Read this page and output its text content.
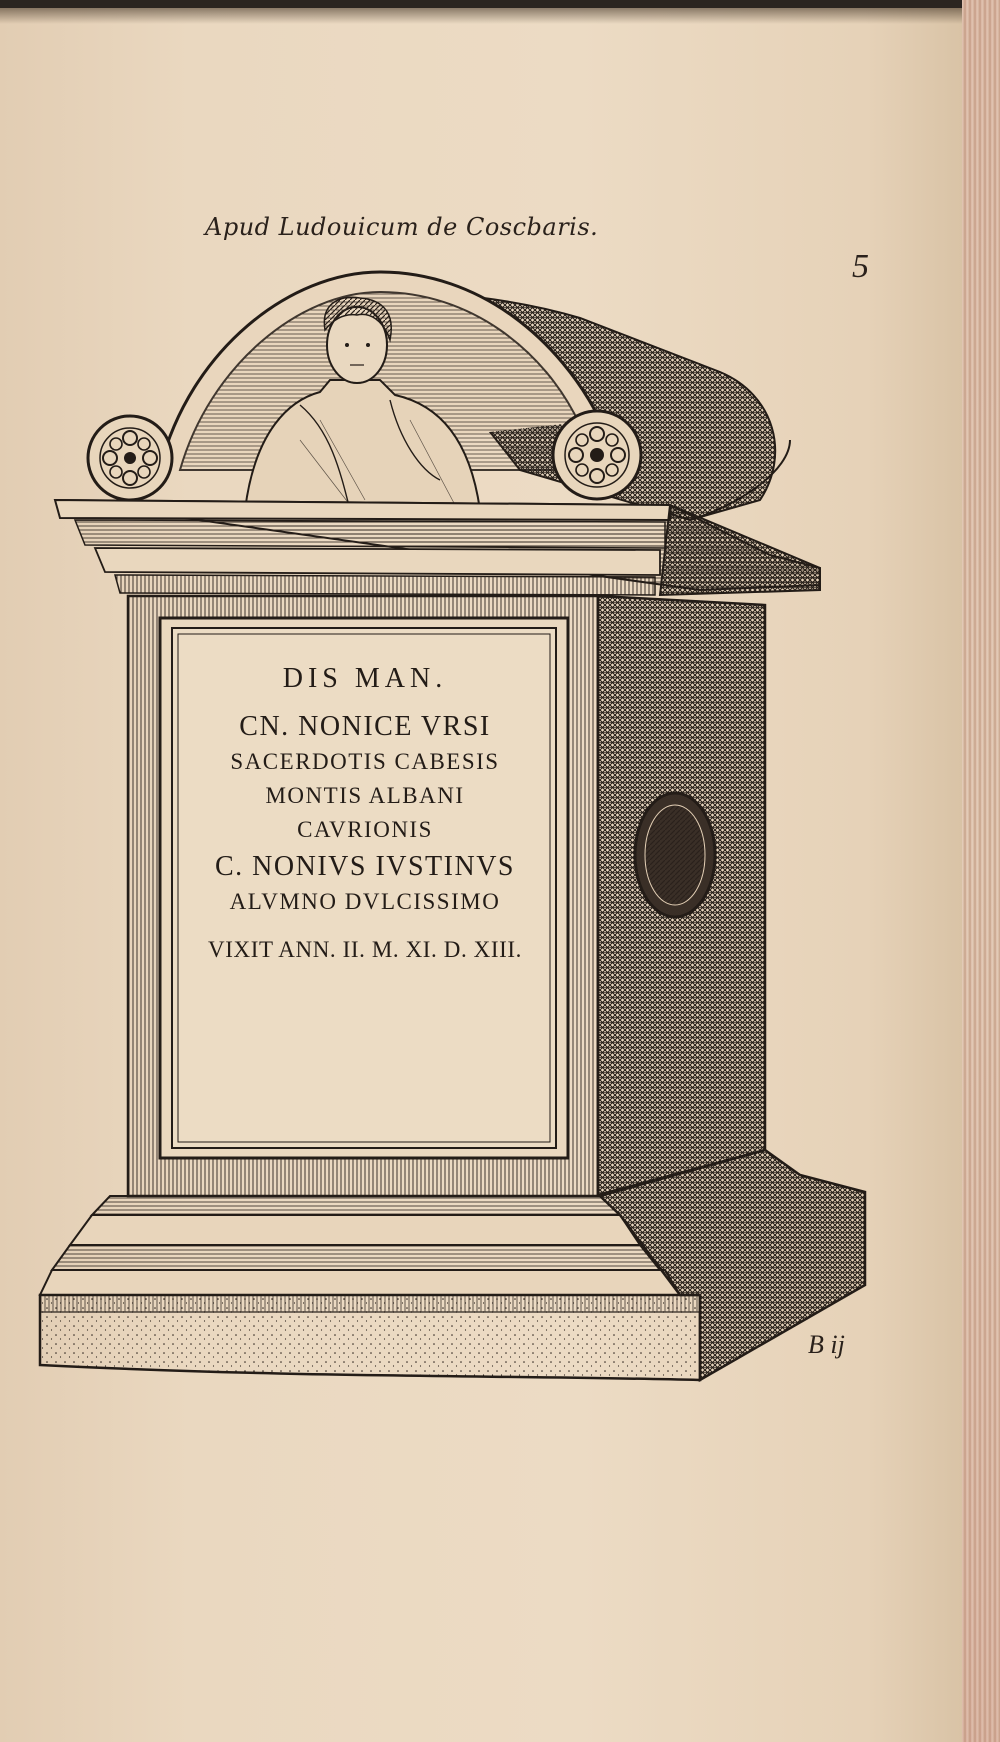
Apud Ludouicum de Coscbaris.
5
DIS MAN.
CN. NONICE VRSI
SACERDOTIS CABESIS
MONTIS ALBANI
CAVRIONIS
C. NONIVS IVSTINVS
ALVMNO DVLCISSIMO
VIXIT ANN. II. M. XI. D. XIII.
B ij
